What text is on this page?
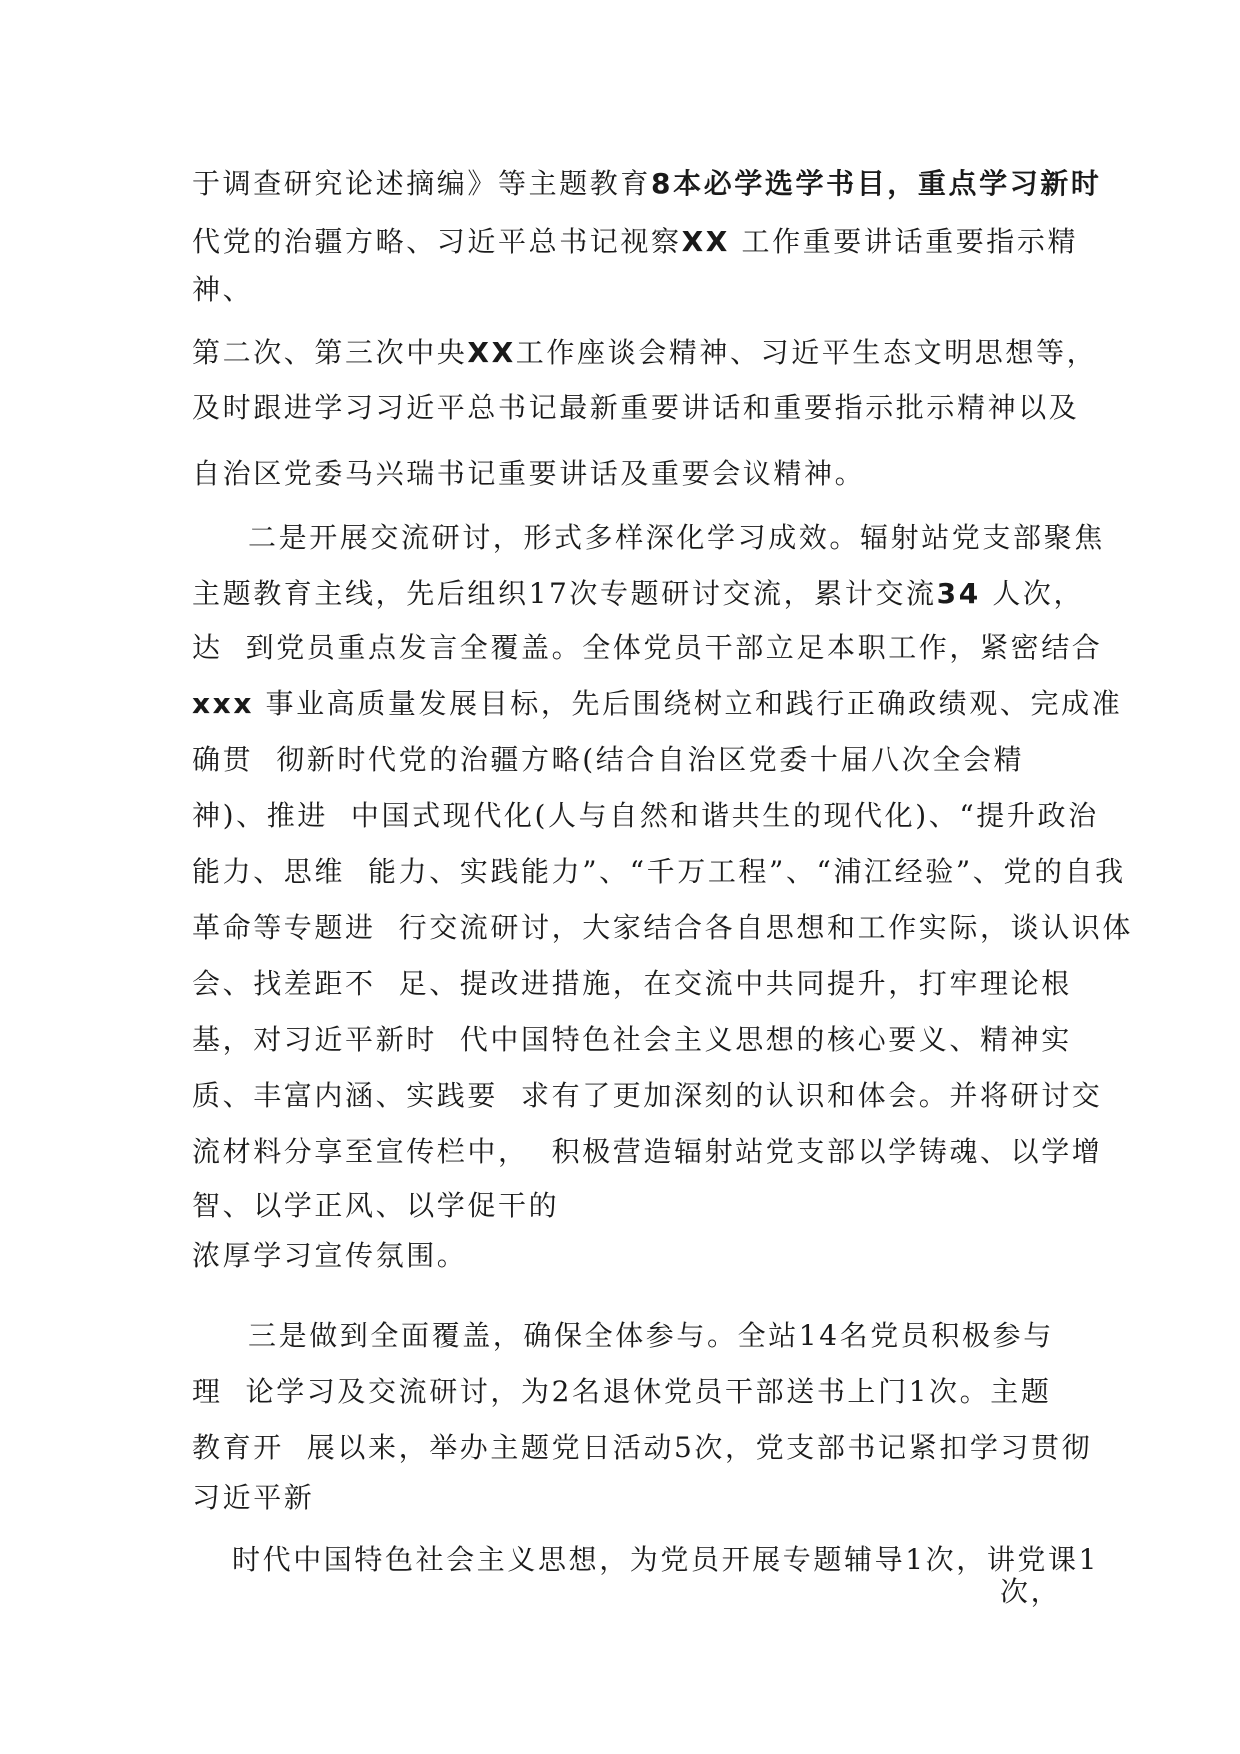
于调查研究论述摘编》等主题教育8本必学选学书目，重点学习新时
代党的治疆方略、习近平总书记视察XX 工作重要讲话重要指示精
神、
第二次、第三次中央XX工作座谈会精神、习近平生态文明思想等，
及时跟进学习习近平总书记最新重要讲话和重要指示批示精神以及
自治区党委马兴瑞书记重要讲话及重要会议精神。
二是开展交流研讨，形式多样深化学习成效。辐射站党支部聚焦
主题教育主线，先后组织17次专题研讨交流，累计交流34 人次，
达  到党员重点发言全覆盖。全体党员干部立足本职工作，紧密结合
xxx 事业高质量发展目标，先后围绕树立和践行正确政绩观、完成准
确贯  彻新时代党的治疆方略(结合自治区党委十届八次全会精
神)、推进  中国式现代化(人与自然和谐共生的现代化)、“提升政治
能力、思维  能力、实践能力”、“千万工程”、“浦江经验”、党的自我
革命等专题进  行交流研讨，大家结合各自思想和工作实际，谈认识体
会、找差距不  足、提改进措施，在交流中共同提升，打牢理论根
基，对习近平新时  代中国特色社会主义思想的核心要义、精神实
质、丰富内涵、实践要  求有了更加深刻的认识和体会。并将研讨交
流材料分享至宣传栏中，  积极营造辐射站党支部以学铸魂、以学增
智、以学正风、以学促干的
浓厚学习宣传氛围。
三是做到全面覆盖，确保全体参与。全站14名党员积极参与
理  论学习及交流研讨，为2名退休党员干部送书上门1次。主题
教育开  展以来，举办主题党日活动5次，党支部书记紧扣学习贯彻
习近平新
时代中国特色社会主义思想，为党员开展专题辅导1次，讲党课1
次，
